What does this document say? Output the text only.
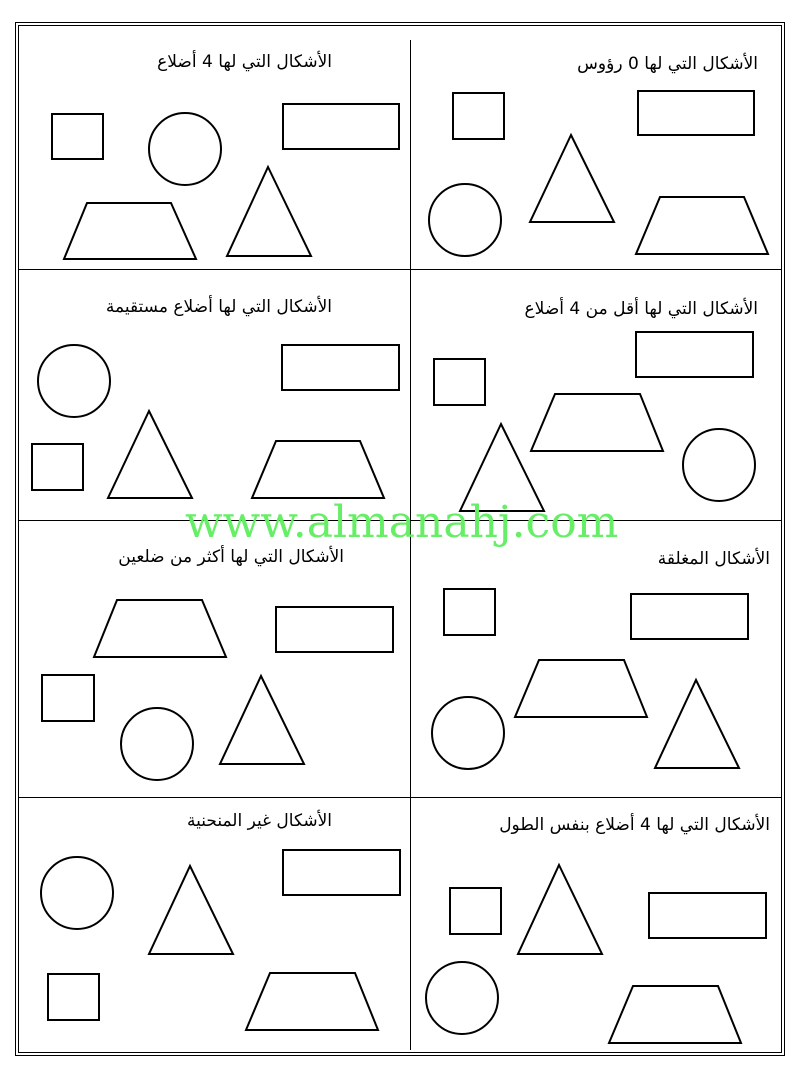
الأشكال التي لها 0 رؤوس
الأشكال التي لها 4 أضلاع
الأشكال التي لها أقل من 4 أضلاع
الأشكال التي لها أضلاع مستقيمة
الأشكال المغلقة
الأشكال التي لها أكثر من ضلعين
الأشكال التي لها 4 أضلاع بنفس الطول
الأشكال غير المنحنية
www.almanahj.com
